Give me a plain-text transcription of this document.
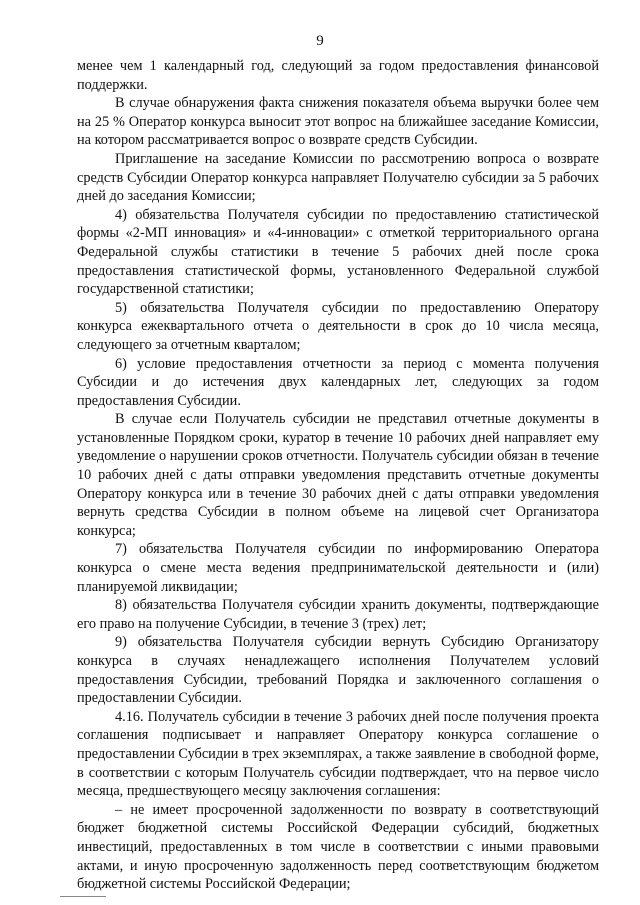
9

менее чем 1 календарный год, следующий за годом предоставления финансовой поддержки.

В случае обнаружения факта снижения показателя объема выручки более чем на 25 % Оператор конкурса выносит этот вопрос на ближайшее заседание Комиссии, на котором рассматривается вопрос о возврате средств Субсидии.

Приглашение на заседание Комиссии по рассмотрению вопроса о возврате средств Субсидии Оператор конкурса направляет Получателю субсидии за 5 рабочих дней до заседания Комиссии;

4) обязательства Получателя субсидии по предоставлению статистической формы «2-МП инновация» и «4-инновации» с отметкой территориального органа Федеральной службы статистики в течение 5 рабочих дней после срока предоставления статистической формы, установленного Федеральной службой государственной статистики;

5) обязательства Получателя субсидии по предоставлению Оператору конкурса ежеквартального отчета о деятельности в срок до 10 числа месяца, следующего за отчетным кварталом;

6) условие предоставления отчетности за период с момента получения Субсидии и до истечения двух календарных лет, следующих за годом предоставления Субсидии.

В случае если Получатель субсидии не представил отчетные документы в установленные Порядком сроки, куратор в течение 10 рабочих дней направляет ему уведомление о нарушении сроков отчетности. Получатель субсидии обязан в течение 10 рабочих дней с даты отправки уведомления представить отчетные документы Оператору конкурса или в течение 30 рабочих дней с даты отправки уведомления вернуть средства Субсидии в полном объеме на лицевой счет Организатора конкурса;

7) обязательства Получателя субсидии по информированию Оператора конкурса о смене места ведения предпринимательской деятельности и (или) планируемой ликвидации;

8) обязательства Получателя субсидии хранить документы, подтверждающие его право на получение Субсидии, в течение 3 (трех) лет;

9) обязательства Получателя субсидии вернуть Субсидию Организатору конкурса в случаях ненадлежащего исполнения Получателем условий предоставления Субсидии, требований Порядка и заключенного соглашения о предоставлении Субсидии.

4.16. Получатель субсидии в течение 3 рабочих дней после получения проекта соглашения подписывает и направляет Оператору конкурса соглашение о предоставлении Субсидии в трех экземплярах, а также заявление в свободной форме, в соответствии с которым Получатель субсидии подтверждает, что на первое число месяца, предшествующего месяцу заключения соглашения:

– не имеет просроченной задолженности по возврату в соответствующий бюджет бюджетной системы Российской Федерации субсидий, бюджетных инвестиций, предоставленных в том числе в соответствии с иными правовыми актами, и иную просроченную задолженность перед соответствующим бюджетом бюджетной системы Российской Федерации;
